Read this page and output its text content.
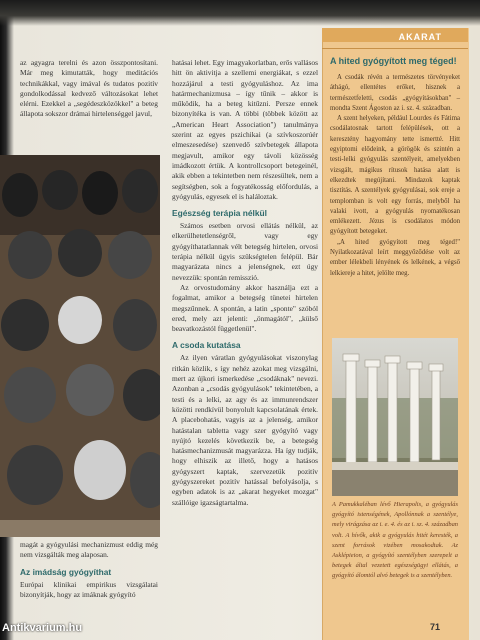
az agyagra terelni és azon összpontosítani. Már meg kimutatták, hogy meditációs technikákkal, vagy imával és tudatos pozitív gondolkodással kedvező változásokat lehet elérni. Ezekkel a „segédeszközökkel" a beteg állapota sokszor drámai hirtelenséggel javul,

magát a gyógyulási mechanizmust eddig még nem vizsgálták meg alaposan.

Az imádság gyógyíthat

Európai klinikai empirikus vizsgálatai bizonyítják, hogy az imáknak gyógyító

hatásai lehet. Egy imagyakorlatban, erős vallásos hitt ön aktivitja a szellemi energiákat, s ezzel hozzájárul a testi gyógyuláshoz. Az ima határmechanizmusa – így tűnik – akkor is működik, ha a beteg kitűzni. Persze ennek bizonyítéka is van. A többi (többek között az „American Heart Association") tanulmánya szerint az egyes pszichikai (a szívkoszorúér elmeszesedése) szenvedő szívbetegek állapota megjavult, amikor egy távoli közösség imádkozott értük. A kontrollcsoport betegeinél, akik ebben a tekintetben nem részesültek, nem a segítségben, sok a fogyatékosság előfordulás, a gyógyulás, egyesek el is haláloztak.

Egészség terápia nélkül

Számos esetben orvosi ellátás nélkül, az elkerülhetetlenségről, vagy egy gyógyíthatatlannak vélt betegség hirtelen, orvosi terápia nélkül úgyis szükségtelen felépül. Bár magyarázata nincs a jelenségnek, ezt úgy nevezzük: spontán remisszió.

Az orvostudomány akkor használja ezt a fogalmat, amikor a betegség tünetei hirtelen megszűnnek. A spontán, a latin „sponte" szóból ered, mely azt jelenti: „önmagától", „külső beavatkozástól függetlenül".

A csoda kutatása

Az ilyen váratlan gyógyulásokat viszonylag ritkán közlik, s így nehéz azokat meg vizsgálni, mert az újkori ismerkedése „csodáknak" nevezi. Azonban a „csodás gyógyulások" tekintetében, a testi és a lelki, az agy és az immunrendszer közötti rendkívül bonyolult kapcsolatának értek. A placebohatás, vagyis az a jelenség, amikor hatástalan tabletta vagy szer gyógyító vagy nyújtó kezelés következik be, a betegség hatásmechanizmusát magyarázza. Ha így tudják, hogy elhiszik az illető, hogy a hatásos gyógyszert kaptak, szervezetük pozitív gyógyszereket pozitív hatással befolyásolja, s egyben adatok is az „akarat hegyeket mozgat" szállóige igazságtartalma.

AKARAT
A hited gyógyított meg téged!

A csodák révén a természetes törvényeket áthágó, ellentétes erőket, hisznek a természetfeletti, csodás „gyógyításokban" – mondta Szent Ágoston az i. sz. 4. században.

A szent helyeken, például Lourdes és Fátima csodálatosnak tartott felépülések, ott a keresztény hagyomány tette ismertté. Hitt egyiptomi elődeink, a görögök és szintén a testi-lelki gyógyulás szentélyeit, amelyekben vizsgált, mágikus rítusok hatása alatt is elkezdtek megújítani. Mindazok kaptak tisztítás. A szentélyek gyógyulásai, sok ereje a templomban is volt egy forrás, melyből ha valaki ivott, a gyógyulás nyomatékosan emlékezett. Jézus is csodálatos módon gyógyított betegeket.

„A hited gyógyított meg téged!" Nyilatkozatával leírt meggyőződése volt az ember lélekbeli lényének és lelkének, a végső lelkiereje a hitet, jelölte meg.

A Pamukkaléban lévő Hierapolis, a gyógyulás gyógyító istenségének, Apollónnak a szentélye, mely virágzása az i. e. 4. és az i. sz. 4. században volt. A hívők, akik a gyógyulás hitét keresték, a szent források vizében mosakodtak. Az Asklépieion, a gyógyító szentélyben szerepelt a betegek által vezetett egészségügyi ellátás, a gyógyító álomtól alvó betegek is a szentélyben.
71
Antikvarium.hu
